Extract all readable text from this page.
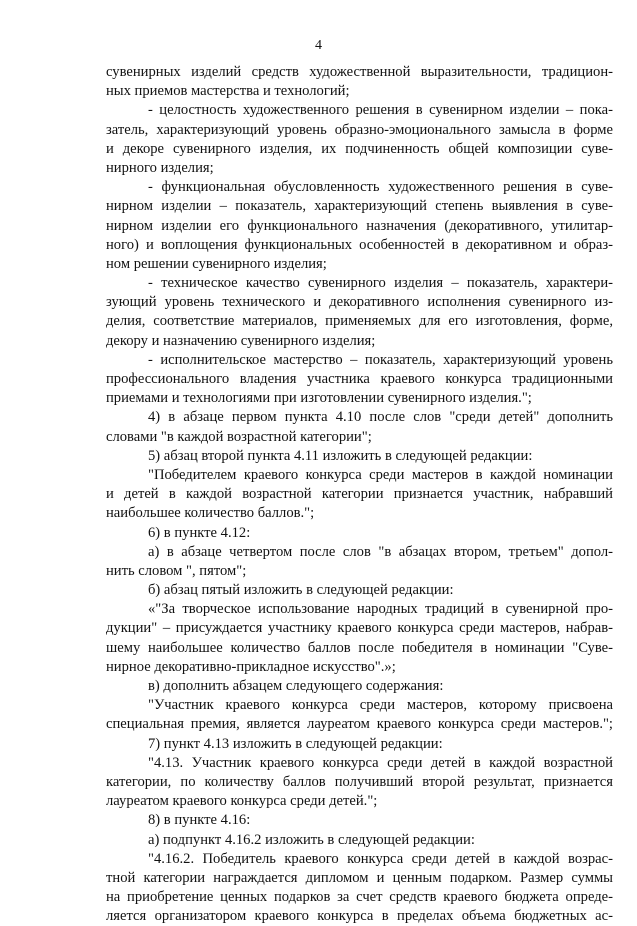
4
сувенирных изделий средств художественной выразительности, традицион-
ных приемов мастерства и технологий;
- целостность художественного решения в сувенирном изделии – пока-
затель, характеризующий уровень образно-эмоционального замысла в форме
и декоре сувенирного изделия, их подчиненность общей композиции суве-
нирного изделия;
- функциональная обусловленность художественного решения в суве-
нирном изделии – показатель, характеризующий степень выявления в суве-
нирном изделии его функционального назначения (декоративного, утилитар-
ного) и воплощения функциональных особенностей в декоративном и образ-
ном решении сувенирного изделия;
- техническое качество сувенирного изделия – показатель, характери-
зующий уровень технического и декоративного исполнения сувенирного из-
делия, соответствие материалов, применяемых для его изготовления, форме,
декору и назначению сувенирного изделия;
- исполнительское мастерство – показатель, характеризующий уровень
профессионального владения участника краевого конкурса традиционными
приемами и технологиями при изготовлении сувенирного изделия.";
4) в абзаце первом пункта 4.10 после слов "среди детей" дополнить
словами "в каждой возрастной категории";
5) абзац второй пункта 4.11 изложить в следующей редакции:
"Победителем краевого конкурса среди мастеров в каждой номинации
и детей в каждой возрастной категории признается участник, набравший
наибольшее количество баллов.";
6) в пункте 4.12:
а) в абзаце четвертом после слов "в абзацах втором, третьем" допол-
нить словом ", пятом";
б) абзац пятый изложить в следующей редакции:
«"За творческое использование народных традиций в сувенирной про-
дукции" – присуждается участнику краевого конкурса среди мастеров, набрав-
шему наибольшее количество баллов после победителя в номинации "Суве-
нирное декоративно-прикладное искусство".»;
в) дополнить абзацем следующего содержания:
"Участник краевого конкурса среди мастеров, которому присвоена
специальная премия, является лауреатом краевого конкурса среди мастеров.";
7) пункт 4.13 изложить в следующей редакции:
"4.13. Участник краевого конкурса среди детей в каждой возрастной
категории, по количеству баллов получивший второй результат, признается
лауреатом краевого конкурса среди детей.";
8) в пункте 4.16:
а) подпункт 4.16.2 изложить в следующей редакции:
"4.16.2. Победитель краевого конкурса среди детей в каждой возрас-
тной категории награждается дипломом и ценным подарком. Размер суммы
на приобретение ценных подарков за счет средств краевого бюджета опреде-
ляется организатором краевого конкурса в пределах объема бюджетных ас-
